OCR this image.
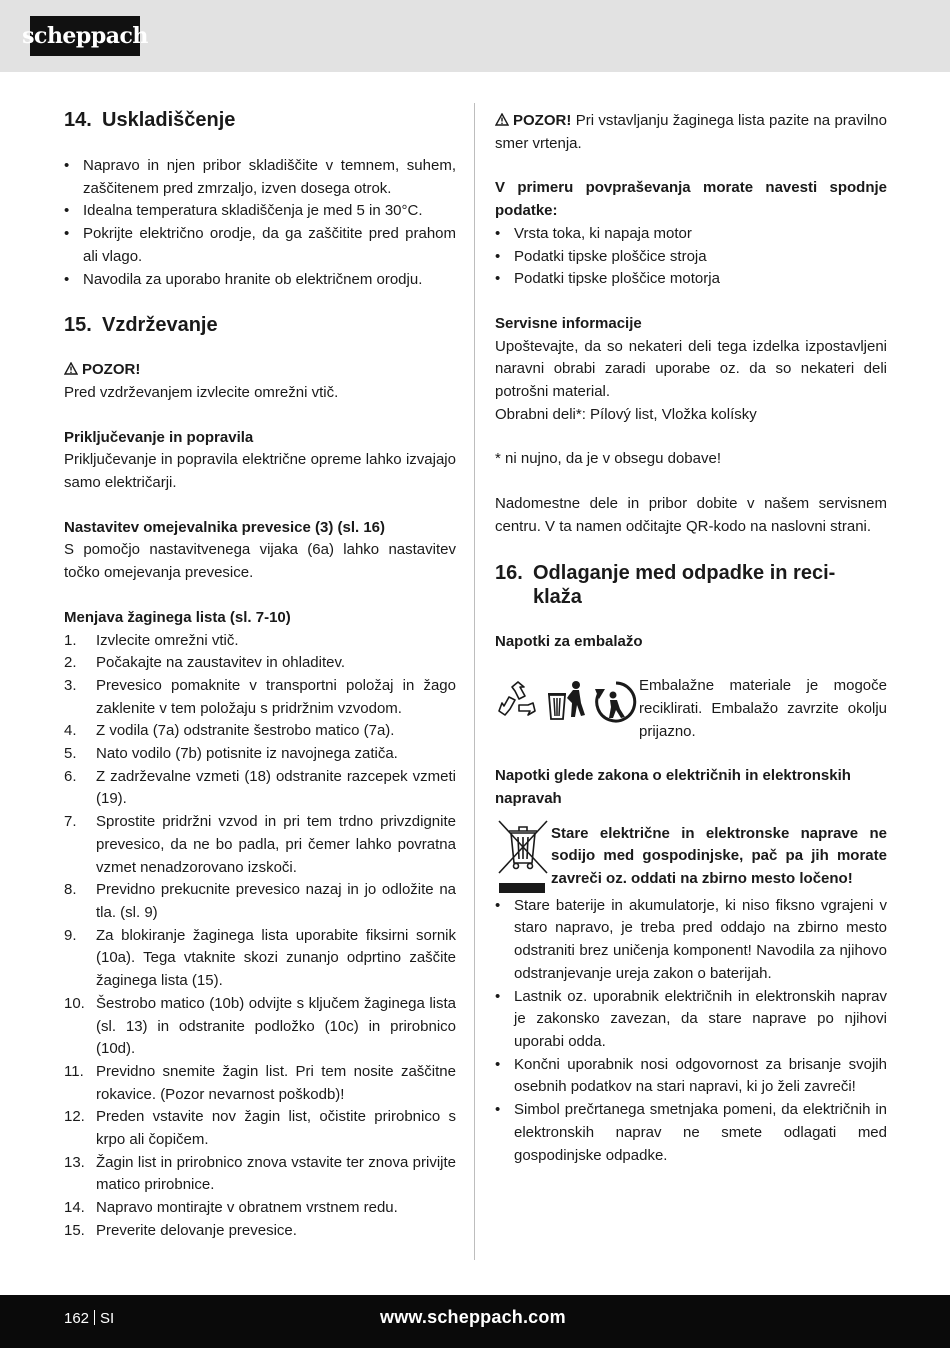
scheppach
14. Uskladiščenje
• Napravo in njen pribor skladiščite v temnem, suhem, zaščitenem pred zmrzaljo, izven dosega otrok.
• Idealna temperatura skladiščenja je med 5 in 30°C.
• Pokrijte električno orodje, da ga zaščitite pred prahom ali vlago.
• Navodila za uporabo hranite ob električnem orodju.
15. Vzdrževanje
POZOR!
Pred vzdrževanjem izvlecite omrežni vtič.
Priključevanje in popravila
Priključevanje in popravila električne opreme lahko izvajajo samo električarji.
Nastavitev omejevalnika prevesice (3) (sl. 16)
S pomočjo nastavitvenega vijaka (6a) lahko nastavitev točko omejevanja prevesice.
Menjava žaginega lista (sl. 7-10)
1.	Izvlecite omrežni vtič.
2.	Počakajte na zaustavitev in ohladitev.
3.	Prevesico pomaknite v transportni položaj in žago zaklenite v tem položaju s pridržnim vzvodom.
4.	Z vodila (7a) odstranite šestrobo matico (7a).
5.	Nato vodilo (7b) potisnite iz navojnega zatiča.
6.	Z zadrževalne vzmeti (18) odstranite razcepek vzmeti (19).
7.	Sprostite pridržni vzvod in pri tem trdno privzdignite prevesico, da ne bo padla, pri čemer lahko povratna vzmet nenadzorovano izskoči.
8.	Previdno prekucnite prevesico nazaj in jo odložite na tla. (sl. 9)
9.	Za blokiranje žaginega lista uporabite fiksirni sornik (10a). Tega vtaknite skozi zunanjo odprtino zaščite žaginega lista (15).
10. Šestrobo matico (10b) odvijte s ključem žaginega lista (sl. 13) in odstranite podložko (10c) in prirobnico (10d).
11. Previdno snemite žagin list. Pri tem nosite zaščitne rokavice. (Pozor nevarnost poškodb)!
12. Preden vstavite nov žagin list, očistite prirobnico s krpo ali čopičem.
13. Žagin list in prirobnico znova vstavite ter znova privijte matico prirobnice.
14. Napravo montirajte v obratnem vrstnem redu.
15. Preverite delovanje prevesice.
POZOR! Pri vstavljanju žaginega lista pazite na pravilno smer vrtenja.
V primeru povpraševanja morate navesti spodnje podatke:
• Vrsta toka, ki napaja motor
• Podatki tipske ploščice stroja
• Podatki tipske ploščice motorja
Servisne informacije
Upoštevajte, da so nekateri deli tega izdelka izpostavljeni naravni obrabi zaradi uporabe oz. da so nekateri deli potrošni material.
Obrabni deli*: Pílový list, Vložka kolísky
* ni nujno, da je v obsegu dobave!
Nadomestne dele in pribor dobite v našem servisnem centru. V ta namen odčitajte QR-kodo na naslovni strani.
16. Odlaganje med odpadke in reci-
klaža
Napotki za embalažo
Embalažne materiale je mogoče reciklirati. Embalažo zavrzite okolju prijazno.
Napotki glede zakona o električnih in elektronskih napravah
Stare električne in elektronske naprave ne sodijo med gospodinjske, pač pa jih morate zavreči oz. oddati na zbirno mesto ločeno!
• Stare baterije in akumulatorje, ki niso fiksno vgrajeni v staro napravo, je treba pred oddajo na zbirno mesto odstraniti brez uničenja komponent! Navodila za njihovo odstranjevanje ureja zakon o baterijah.
• Lastnik oz. uporabnik električnih in elektronskih naprav je zakonsko zavezan, da stare naprave po njihovi uporabi odda.
• Končni uporabnik nosi odgovornost za brisanje svojih osebnih podatkov na stari napravi, ki jo želi zavreči!
• Simbol prečrtanega smetnjaka pomeni, da električnih in elektronskih naprav ne smete odlagati med gospodinjske odpadke.
162 SI	www.scheppach.com
